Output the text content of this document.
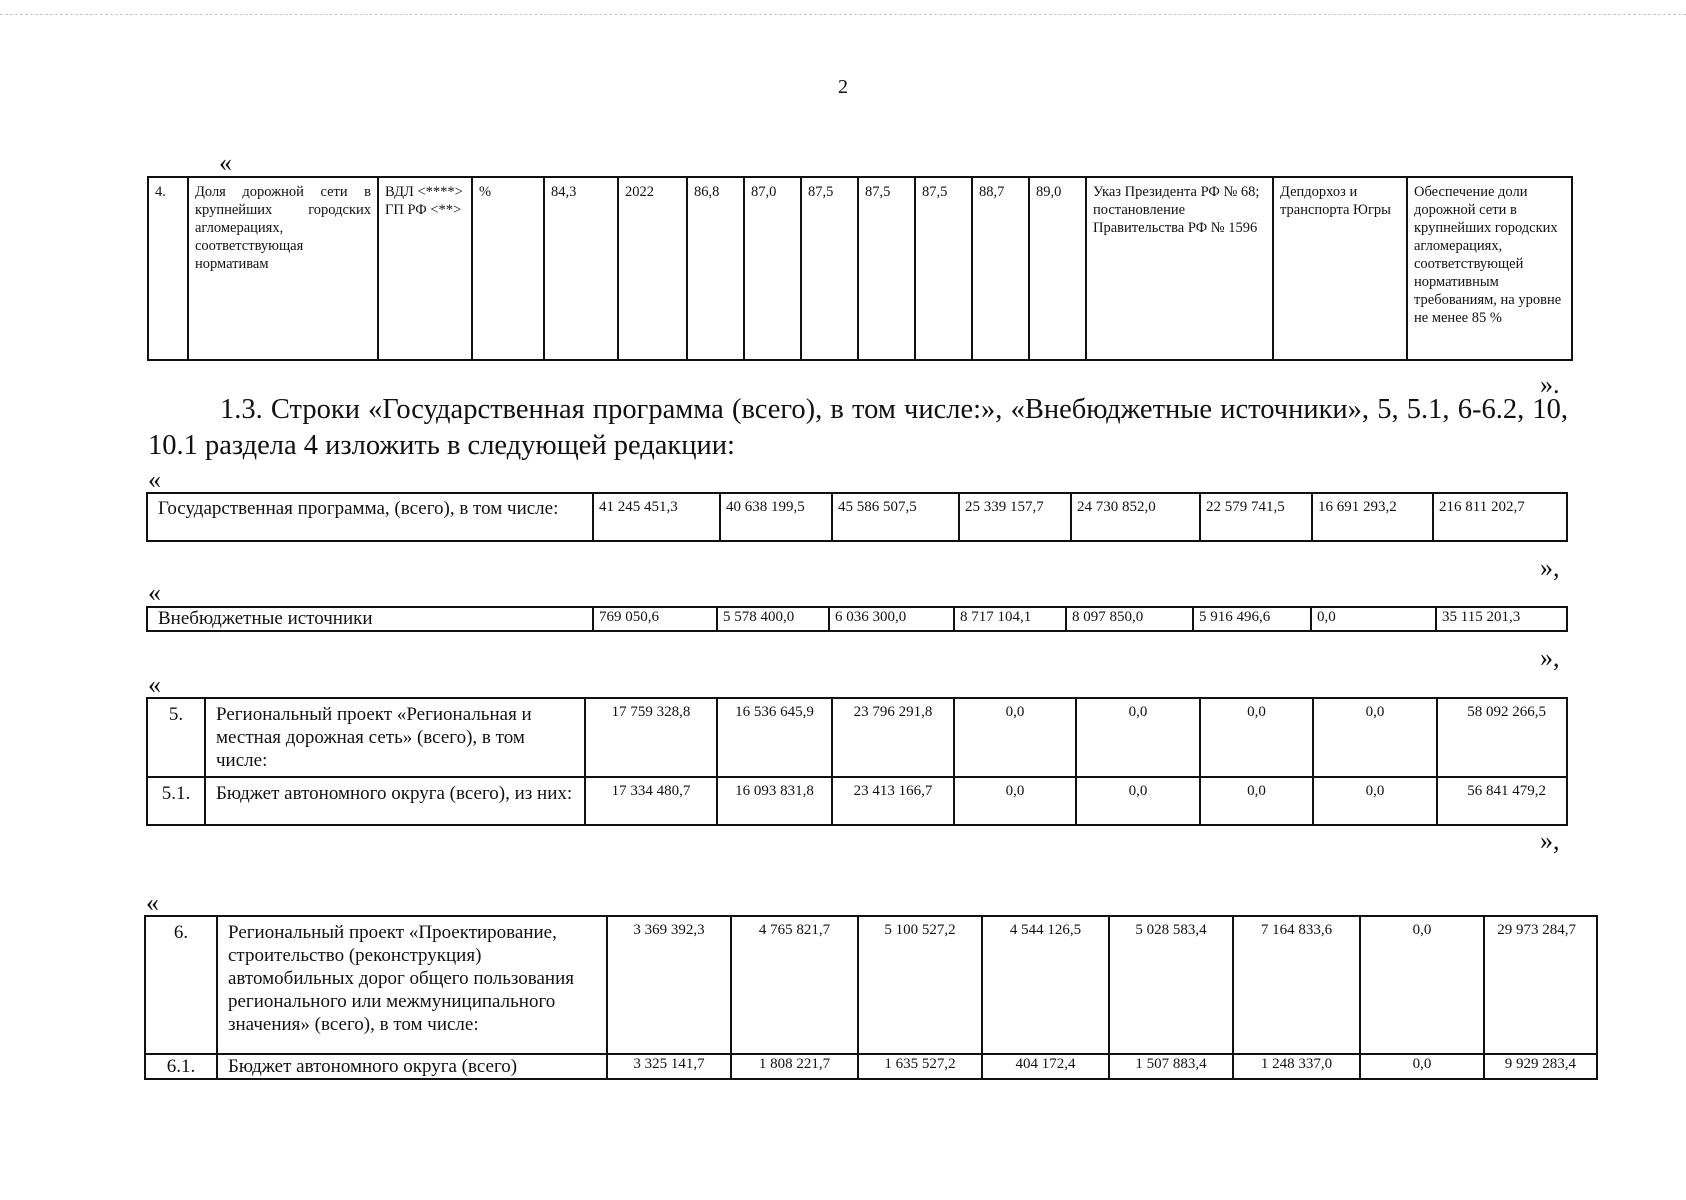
2
«
4.	Доля дорожной сети в крупнейших городских агломерациях, соответствующая нормативам	ВДЛ <****> ГП РФ <**>	%	84,3	2022	86,8	87,0	87,5	87,5	87,5	88,7	89,0	Указ Президента РФ № 68; постановление Правительства РФ № 1596	Депдорхоз и транспорта Югры	Обеспечение доли дорожной сети в крупнейших городских агломерациях, соответствующей нормативным требованиям, на уровне не менее 85 %
».
1.3. Строки «Государственная программа (всего), в том числе:», «Внебюджетные источники», 5, 5.1, 6-6.2, 10, 10.1 раздела 4 изложить в следующей редакции:
«
Государственная программа, (всего), в том числе:	41 245 451,3	40 638 199,5	45 586 507,5	25 339 157,7	24 730 852,0	22 579 741,5	16 691 293,2	216 811 202,7
»,
«
Внебюджетные источники	769 050,6	5 578 400,0	6 036 300,0	8 717 104,1	8 097 850,0	5 916 496,6	0,0	35 115 201,3
»,
«
5.	Региональный проект «Региональная и местная дорожная сеть» (всего), в том числе:	17 759 328,8	16 536 645,9	23 796 291,8	0,0	0,0	0,0	0,0	58 092 266,5
5.1.	Бюджет автономного округа (всего), из них:	17 334 480,7	16 093 831,8	23 413 166,7	0,0	0,0	0,0	0,0	56 841 479,2
»,
«
6.	Региональный проект «Проектирование, строительство (реконструкция) автомобильных дорог общего пользования регионального или межмуниципального значения» (всего), в том числе:	3 369 392,3	4 765 821,7	5 100 527,2	4 544 126,5	5 028 583,4	7 164 833,6	0,0	29 973 284,7
6.1.	Бюджет автономного округа (всего)	3 325 141,7	1 808 221,7	1 635 527,2	404 172,4	1 507 883,4	1 248 337,0	0,0	9 929 283,4
